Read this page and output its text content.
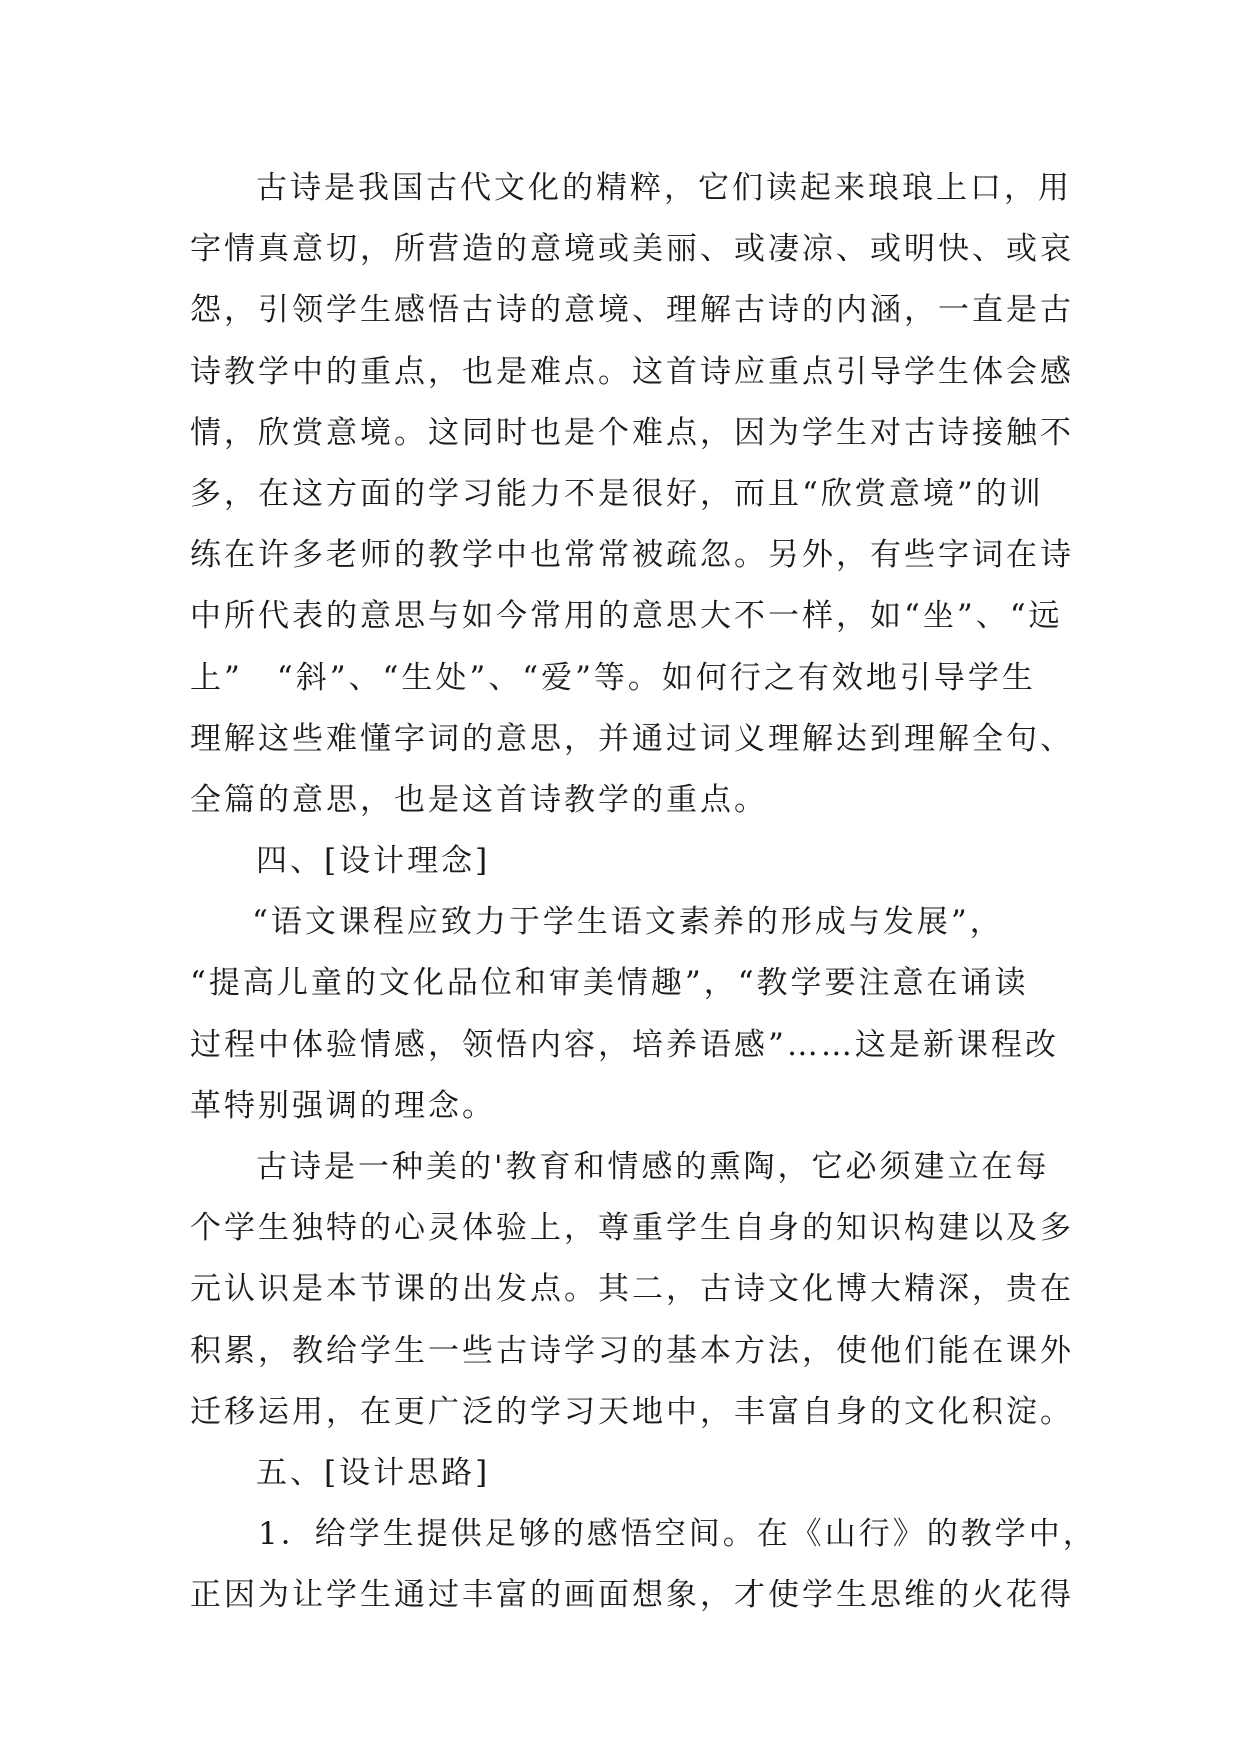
古诗是我国古代文化的精粹，它们读起来琅琅上口，用
字情真意切，所营造的意境或美丽、或凄凉、或明快、或哀
怨，引领学生感悟古诗的意境、理解古诗的内涵，一直是古
诗教学中的重点，也是难点。这首诗应重点引导学生体会感
情，欣赏意境。这同时也是个难点，因为学生对古诗接触不
多，在这方面的学习能力不是很好，而且“欣赏意境”的训
练在许多老师的教学中也常常被疏忽。另外，有些字词在诗
中所代表的意思与如今常用的意思大不一样，如“坐”、“远
上”　“斜”、“生处”、“爱”等。如何行之有效地引导学生
理解这些难懂字词的意思，并通过词义理解达到理解全句、
全篇的意思，也是这首诗教学的重点。
四、[设计理念]
“语文课程应致力于学生语文素养的形成与发展”，
“提高儿童的文化品位和审美情趣”，“教学要注意在诵读
过程中体验情感，领悟内容，培养语感”……这是新课程改
革特别强调的理念。
古诗是一种美的'教育和情感的熏陶，它必须建立在每
个学生独特的心灵体验上，尊重学生自身的知识构建以及多
元认识是本节课的出发点。其二，古诗文化博大精深，贵在
积累，教给学生一些古诗学习的基本方法，使他们能在课外
迁移运用，在更广泛的学习天地中，丰富自身的文化积淀。
五、[设计思路]
1．给学生提供足够的感悟空间。在《山行》的教学中，
正因为让学生通过丰富的画面想象，才使学生思维的火花得
